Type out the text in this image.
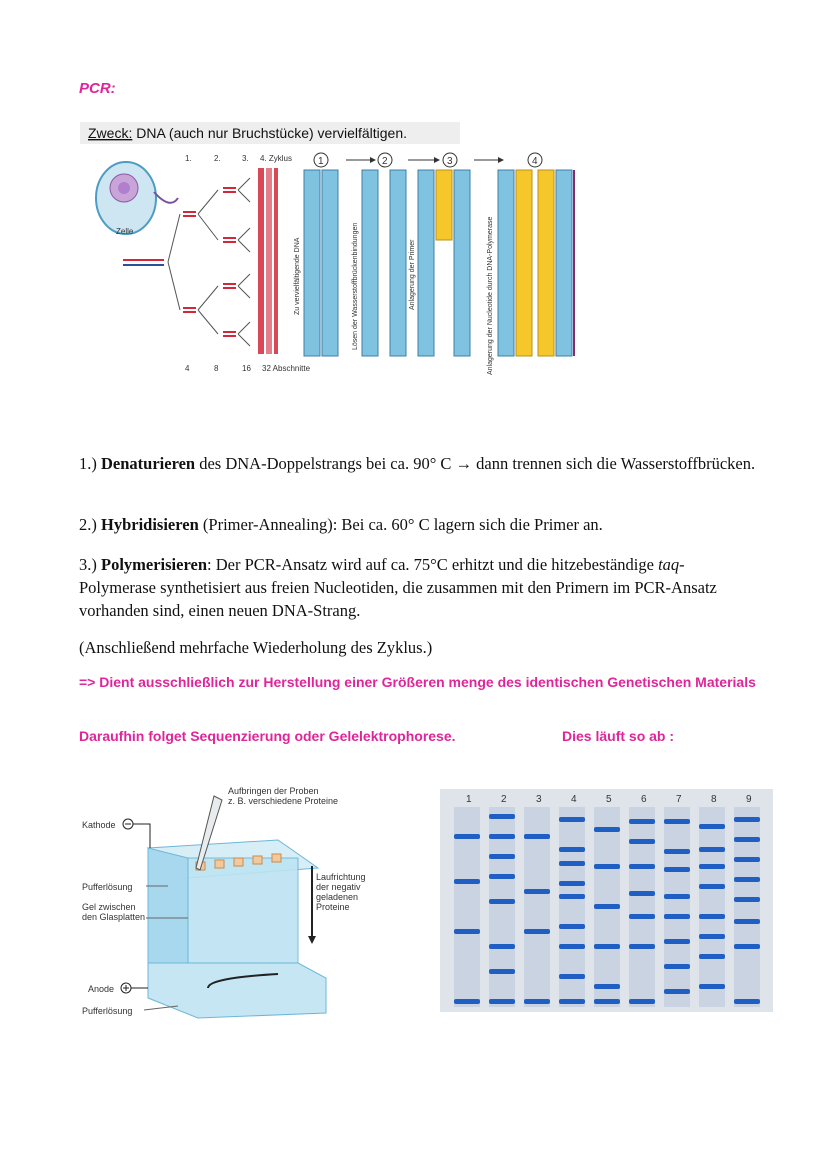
PCR:
Zweck: DNA (auch nur Bruchstücke) vervielfältigen.
1.	2.	3. 4. Zyklus
Zelle
4	8	16 32 Abschnitte
1	2	3	4
Zu vervielfältigende DNA	Lösen der Wasserstoffbrückenbindungen	Anlagerung der Primer	Anlagerung der Nucleotide durch DNA-Polymerase
1.) Denaturieren des DNA-Doppelstrangs bei ca. 90° C → dann trennen sich die Wasserstoffbrücken.
2.) Hybridisieren (Primer-Annealing): Bei ca. 60° C lagern sich die Primer an.
3.) Polymerisieren: Der PCR-Ansatz wird auf ca. 75°C erhitzt und die hitzebeständige taq-Polymerase synthetisiert aus freien Nucleotiden, die zusammen mit den Primern im PCR-Ansatz vorhanden sind, einen neuen DNA-Strang.
(Anschließend mehrfache Wiederholung des Zyklus.)
=> Dient ausschließlich zur Herstellung einer Größeren menge des identischen Genetischen Materials
Daraufhin folget Sequenzierung oder Gelelektrophorese.	Dies läuft so ab :
Aufbringen der Proben
z. B. verschiedene Proteine
Kathode
Pufferlösung
Gel zwischen
den Glasplatten
Anode
Pufferlösung
Laufrichtung
der negativ
geladenen
Proteine
1	2	3	4	5	6	7	8	9
